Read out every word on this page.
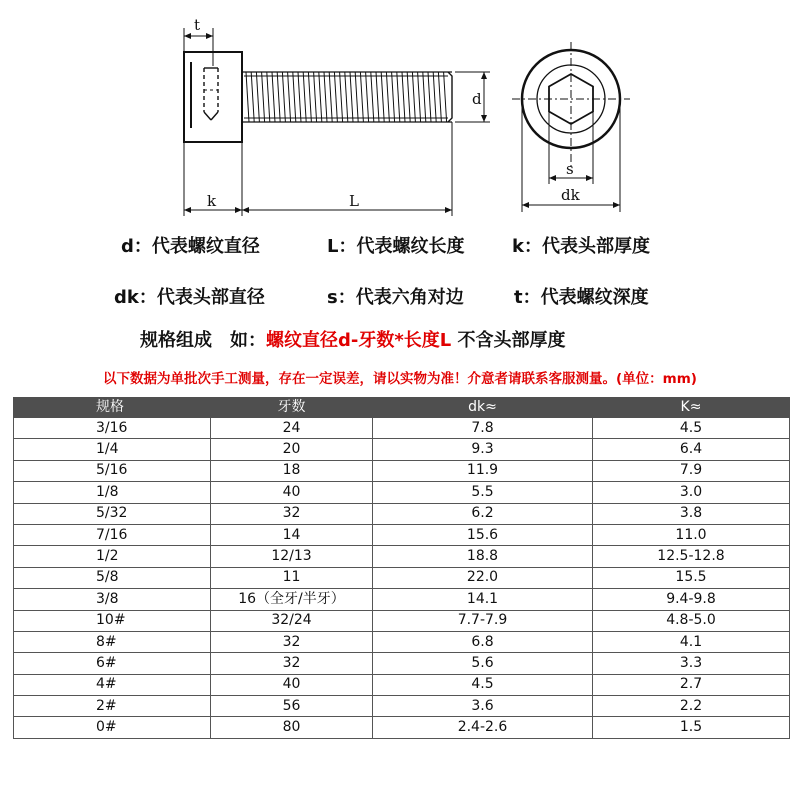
t
d
k	L
s
dk
d：代表螺纹直径	L：代表螺纹长度	k：代表头部厚度
dk：代表头部直径	s：代表六角对边	t：代表螺纹深度
规格组成　如：螺纹直径d-牙数*长度L 不含头部厚度
以下数据为单批次手工测量，存在一定误差，请以实物为准！介意者请联系客服测量。(单位：mm)
规格	牙数	dk≈	K≈
3/16	24	7.8	4.5
1/4	20	9.3	6.4
5/16	18	11.9	7.9
1/8	40	5.5	3.0
5/32	32	6.2	3.8
7/16	14	15.6	11.0
1/2	12/13	18.8	12.5-12.8
5/8	11	22.0	15.5
3/8	16（全牙/半牙）	14.1	9.4-9.8
10#	32/24	7.7-7.9	4.8-5.0
8#	32	6.8	4.1
6#	32	5.6	3.3
4#	40	4.5	2.7
2#	56	3.6	2.2
0#	80	2.4-2.6	1.5
